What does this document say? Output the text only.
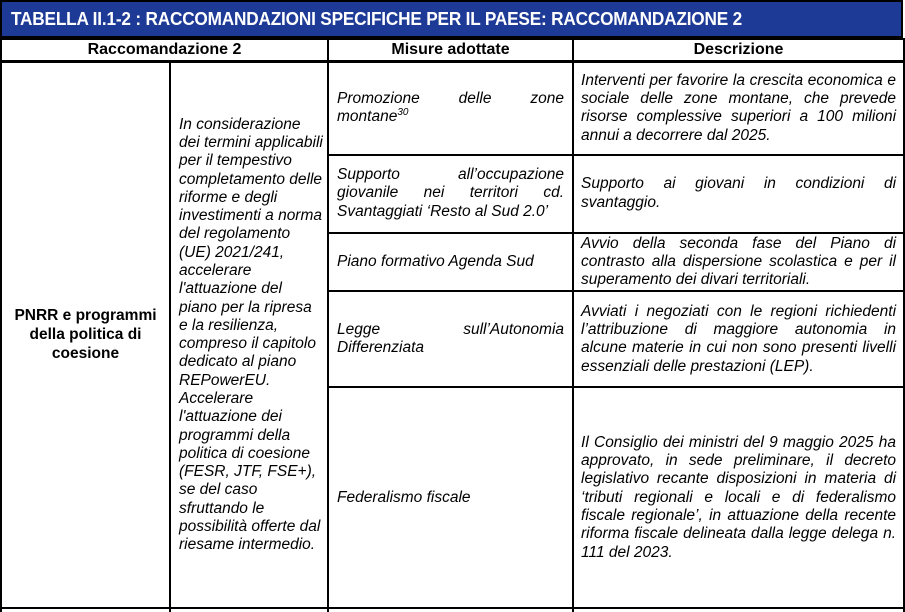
TABELLA II.1-2 : RACCOMANDAZIONI SPECIFICHE PER IL PAESE: RACCOMANDAZIONE 2
Raccomandazione 2		Misure adottate	Descrizione
PNRR e programmi della politica di coesione	In considerazione dei termini applicabili per il tempestivo completamento delle riforme e degli investimenti a norma del regolamento (UE) 2021/241, accelerare l'attuazione del piano per la ripresa e la resilienza, compreso il capitolo dedicato al piano REPowerEU. Accelerare l'attuazione dei programmi della politica di coesione (FESR, JTF, FSE+), se del caso sfruttando le possibilità offerte dal riesame intermedio.	Promozione delle zone montane$^{30}$	Interventi per favorire la crescita economica e sociale delle zone montane, che prevede risorse complessive superiori a 100 milioni annui a decorrere dal 2025.
		Supporto all’occupazione giovanile nei territori cd. Svantaggiati ‘Resto al Sud 2.0’	Supporto ai giovani in condizioni di svantaggio.
		Piano formativo Agenda Sud	Avvio della seconda fase del Piano di contrasto alla dispersione scolastica e per il superamento dei divari territoriali.
		Legge sull’Autonomia Differenziata	Avviati i negoziati con le regioni richiedenti l’attribuzione di maggiore autonomia in alcune materie in cui non sono presenti livelli essenziali delle prestazioni (LEP).
		Federalismo fiscale	Il Consiglio dei ministri del 9 maggio 2025 ha approvato, in sede preliminare, il decreto legislativo recante disposizioni in materia di ‘tributi regionali e locali e di federalismo fiscale regionale’, in attuazione della recente riforma fiscale delineata dalla legge delega n. 111 del 2023.
